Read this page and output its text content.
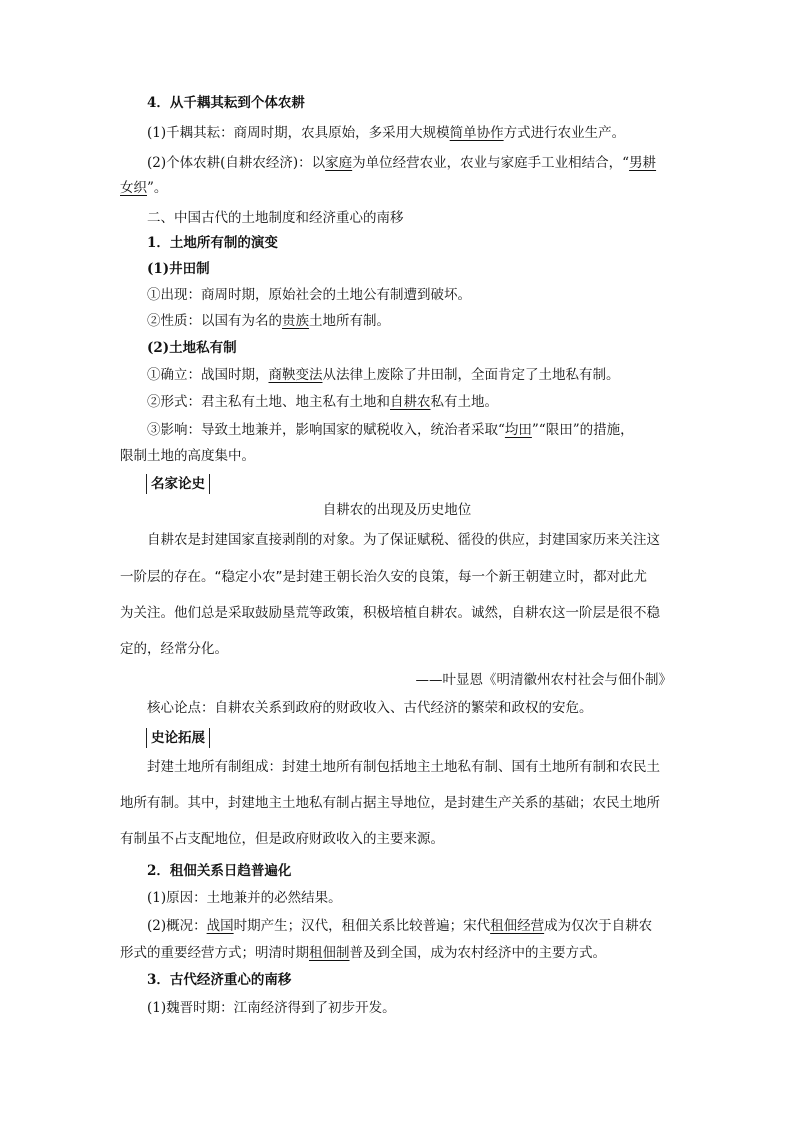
4．从千耦其耘到个体农耕
(1)千耦其耘：商周时期，农具原始，多采用大规模简单协作方式进行农业生产。
(2)个体农耕(自耕农经济)：以家庭为单位经营农业，农业与家庭手工业相结合，“男耕
女织”。
二、中国古代的土地制度和经济重心的南移
1．土地所有制的演变
(1)井田制
①出现：商周时期，原始社会的土地公有制遭到破坏。
②性质：以国有为名的贵族土地所有制。
(2)土地私有制
①确立：战国时期，商鞅变法从法律上废除了井田制，全面肯定了土地私有制。
②形式：君主私有土地、地主私有土地和自耕农私有土地。
③影响：导致土地兼并，影响国家的赋税收入，统治者采取“均田”“限田”的措施，
限制土地的高度集中。
名家论史
自耕农的出现及历史地位
自耕农是封建国家直接剥削的对象。为了保证赋税、徭役的供应，封建国家历来关注这
一阶层的存在。“稳定小农”是封建王朝长治久安的良策，每一个新王朝建立时，都对此尤
为关注。他们总是采取鼓励垦荒等政策，积极培植自耕农。诚然，自耕农这一阶层是很不稳
定的，经常分化。
——叶显恩《明清徽州农村社会与佃仆制》
核心论点：自耕农关系到政府的财政收入、古代经济的繁荣和政权的安危。
史论拓展
封建土地所有制组成：封建土地所有制包括地主土地私有制、国有土地所有制和农民土
地所有制。其中，封建地主土地私有制占据主导地位，是封建生产关系的基础；农民土地所
有制虽不占支配地位，但是政府财政收入的主要来源。
2．租佃关系日趋普遍化
(1)原因：土地兼并的必然结果。
(2)概况：战国时期产生；汉代，租佃关系比较普遍；宋代租佃经营成为仅次于自耕农
形式的重要经营方式；明清时期租佃制普及到全国，成为农村经济中的主要方式。
3．古代经济重心的南移
(1)魏晋时期：江南经济得到了初步开发。
